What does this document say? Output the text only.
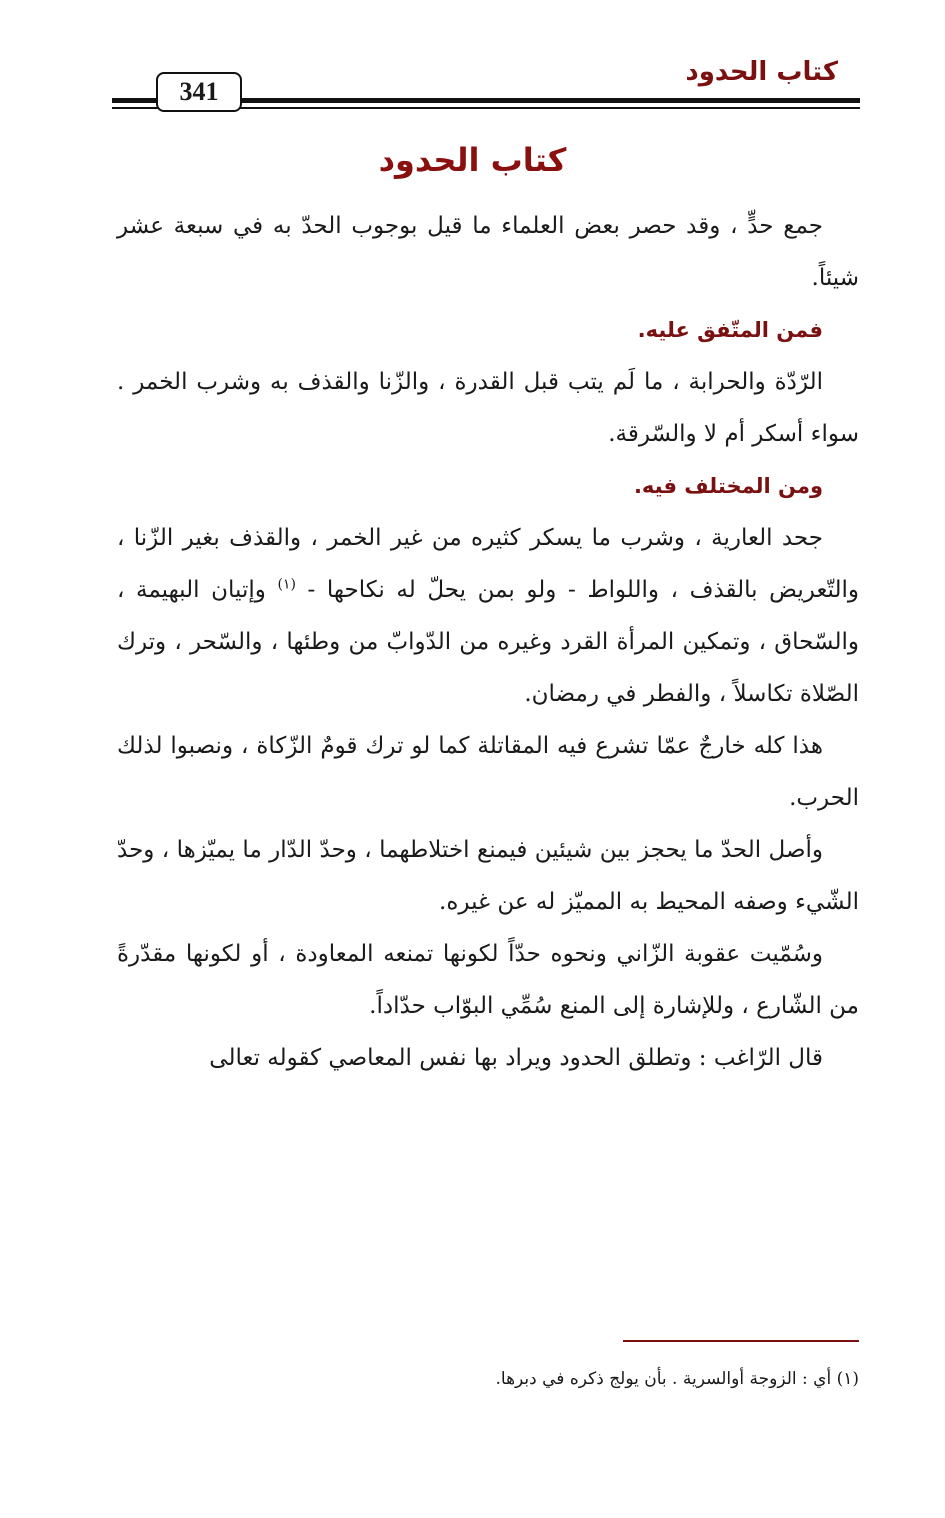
كتاب الحدود
341
كتاب الحدود

جمع حدٍّ ، وقد حصر بعض العلماء ما قيل بوجوب الحدّ به في سبعة عشر شيئاً.

فمن المتّفق عليه.

الرّدّة والحرابة ، ما لَم يتب قبل القدرة ، والزّنا والقذف به وشرب الخمر . سواء أسكر أم لا والسّرقة.

ومن المختلف فيه.

جحد العارية ، وشرب ما يسكر كثيره من غير الخمر ، والقذف بغير الزّنا ، والتّعريض بالقذف ، واللواط - ولو بمن يحلّ له نكاحها - $^{(١)}$ وإتيان البهيمة ، والسّحاق ، وتمكين المرأة القرد وغيره من الدّوابّ من وطئها ، والسّحر ، وترك الصّلاة تكاسلاً ، والفطر في رمضان.

هذا كله خارجٌ عمّا تشرع فيه المقاتلة كما لو ترك قومٌ الزّكاة ، ونصبوا لذلك الحرب.

وأصل الحدّ ما يحجز بين شيئين فيمنع اختلاطهما ، وحدّ الدّار ما يميّزها ، وحدّ الشّيء وصفه المحيط به المميّز له عن غيره.

وسُمّيت عقوبة الزّاني ونحوه حدّاً لكونها تمنعه المعاودة ، أو لكونها مقدّرةً من الشّارع ، وللإشارة إلى المنع سُمِّي البوّاب حدّاداً.

قال الرّاغب : وتطلق الحدود ويراد بها نفس المعاصي كقوله تعالى

(١) أي : الزوجة أوالسرية . بأن يولج ذكره في دبرها.
